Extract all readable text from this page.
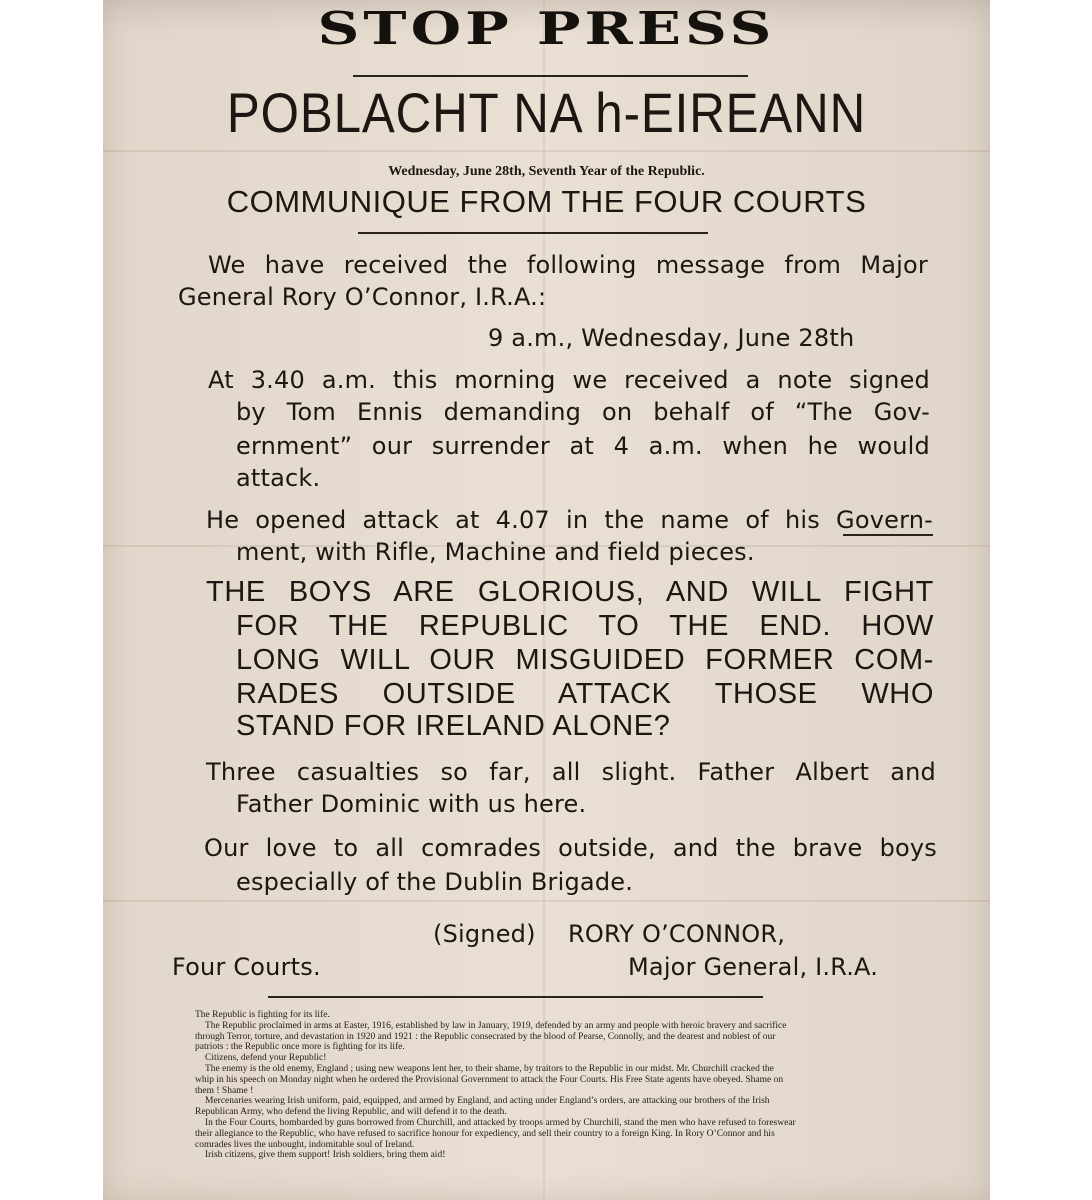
STOP PRESS
POBLACHT NA h-EIREANN
Wednesday, June 28th, Seventh Year of the Republic.
COMMUNIQUE FROM THE FOUR COURTS
We have received the following message from Major
General Rory O’Connor, I.R.A.:
9 a.m., Wednesday, June 28th
At 3.40 a.m. this morning we received a note signed
by Tom Ennis demanding on behalf of “The Gov-
ernment” our surrender at 4 a.m. when he would
attack.
He opened attack at 4.07 in the name of his Govern-
ment, with Rifle, Machine and field pieces.
THE BOYS ARE GLORIOUS, AND WILL FIGHT
FOR THE REPUBLIC TO THE END. HOW
LONG WILL OUR MISGUIDED FORMER COM-
RADES OUTSIDE ATTACK THOSE WHO
STAND FOR IRELAND ALONE?
Three casualties so far, all slight. Father Albert and
Father Dominic with us here.
Our love to all comrades outside, and the brave boys
especially of the Dublin Brigade.
(Signed) RORY O’CONNOR,
Four Courts.	Major General, I.R.A.
The Republic is fighting for its life.
The Republic proclaimed in arms at Easter, 1916, established by law in January, 1919, defended by an army and people with heroic bravery and sacrifice
through Terror, torture, and devastation in 1920 and 1921 : the Republic consecrated by the blood of Pearse, Connolly, and the dearest and noblest of our
patriots : the Republic once more is fighting for its life.
Citizens, defend your Republic!
The enemy is the old enemy, England ; using new weapons lent her, to their shame, by traitors to the Republic in our midst. Mr. Churchill cracked the
whip in his speech on Monday night when he ordered the Provisional Government to attack the Four Courts. His Free State agents have obeyed. Shame on
them ! Shame !
Mercenaries wearing Irish uniform, paid, equipped, and armed by England, and acting under England’s orders, are attacking our brothers of the Irish
Republican Army, who defend the living Republic, and will defend it to the death.
In the Four Courts, bombarded by guns borrowed from Churchill, and attacked by troops armed by Churchill, stand the men who have refused to foreswear
their allegiance to the Republic, who have refused to sacrifice honour for expediency, and sell their country to a foreign King. In Rory O’Connor and his
comrades lives the unbought, indomitable soul of Ireland.
Irish citizens, give them support! Irish soldiers, bring them aid!
